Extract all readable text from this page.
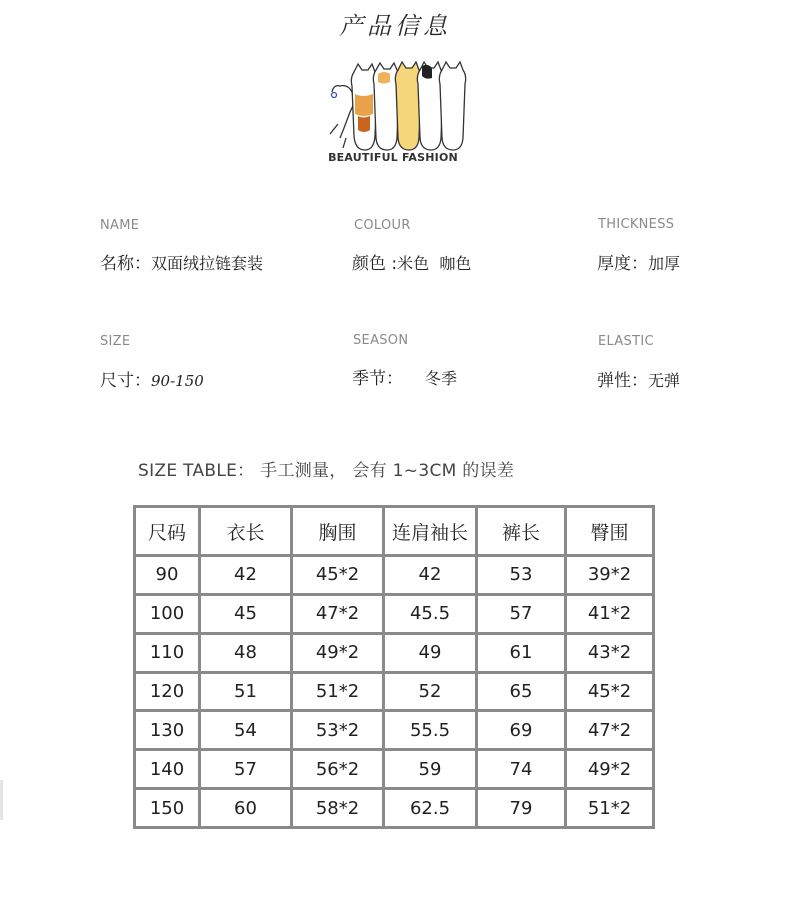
产品信息
BEAUTIFUL FASHION
NAME
名称：双面绒拉链套装
COLOUR
颜色 :米色  咖色
THICKNESS
厚度：加厚
SIZE
尺寸：90-150
SEASON
季节： 冬季
ELASTIC
弹性：无弹
SIZE TABLE： 手工测量， 会有 1~3CM 的误差
尺码	衣长	胸围	连肩袖长	裤长	臀围
90	42	45*2	42	53	39*2
100	45	47*2	45.5	57	41*2
110	48	49*2	49	61	43*2
120	51	51*2	52	65	45*2
130	54	53*2	55.5	69	47*2
140	57	56*2	59	74	49*2
150	60	58*2	62.5	79	51*2
